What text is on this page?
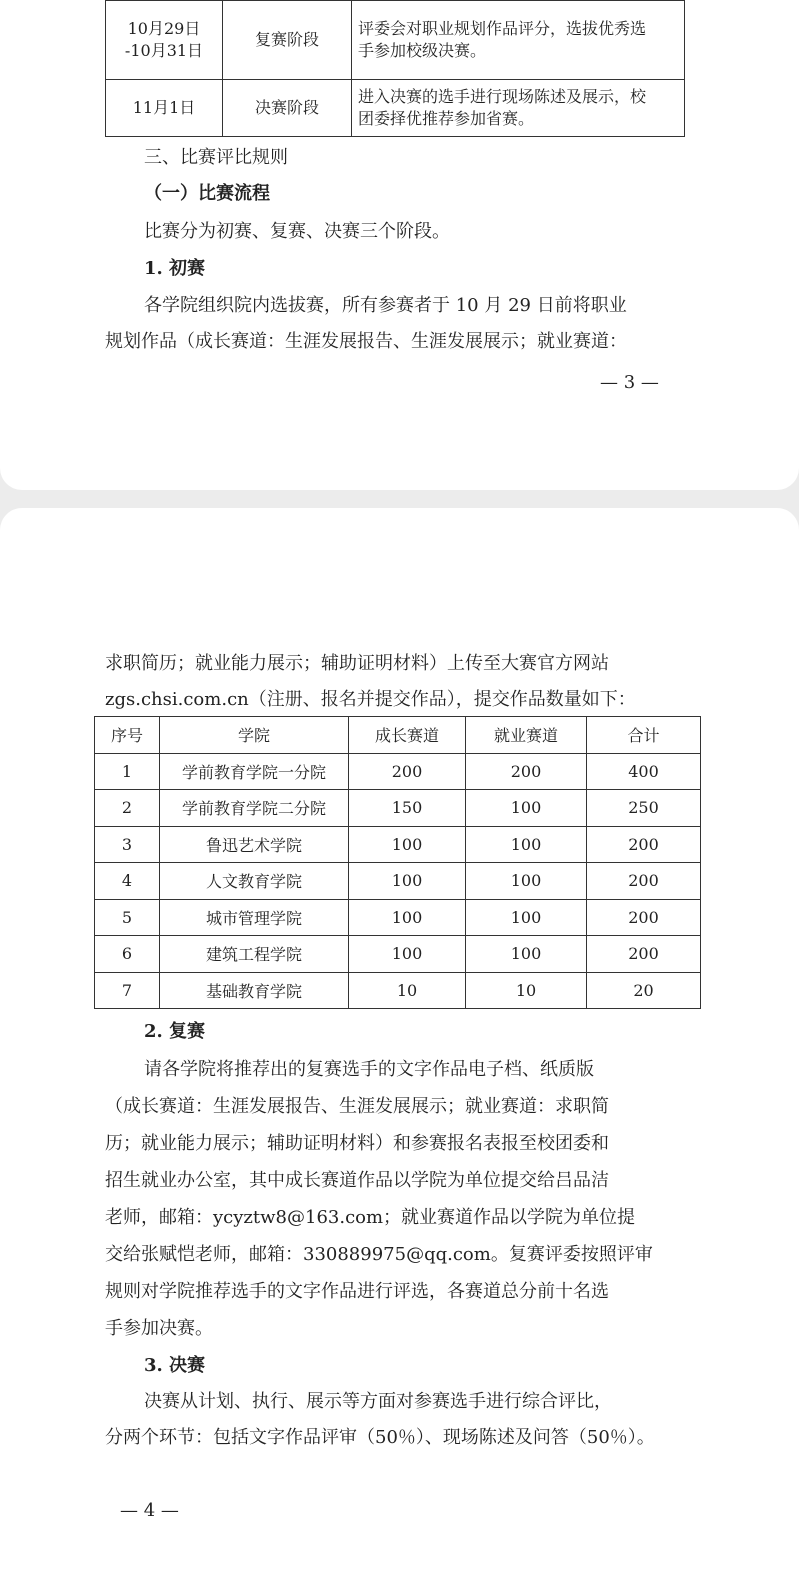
10月29日
-10月31日	复赛阶段	评委会对职业规划作品评分，选拔优秀选
手参加校级决赛。
11月1日	决赛阶段	进入决赛的选手进行现场陈述及展示，校
团委择优推荐参加省赛。
三、比赛评比规则
（一）比赛流程
比赛分为初赛、复赛、决赛三个阶段。
1. 初赛
各学院组织院内选拔赛，所有参赛者于 10 月 29 日前将职业
规划作品（成长赛道：生涯发展报告、生涯发展展示；就业赛道：
— 3 —
求职简历；就业能力展示；辅助证明材料）上传至大赛官方网站
zgs.chsi.com.cn（注册、报名并提交作品），提交作品数量如下：
序号	学院	成长赛道	就业赛道	合计
1	学前教育学院一分院	200	200	400
2	学前教育学院二分院	150	100	250
3	鲁迅艺术学院	100	100	200
4	人文教育学院	100	100	200
5	城市管理学院	100	100	200
6	建筑工程学院	100	100	200
7	基础教育学院	10	10	20
2. 复赛
请各学院将推荐出的复赛选手的文字作品电子档、纸质版
（成长赛道：生涯发展报告、生涯发展展示；就业赛道：求职简
历；就业能力展示；辅助证明材料）和参赛报名表报至校团委和
招生就业办公室，其中成长赛道作品以学院为单位提交给吕品洁
老师，邮箱：ycyztw8@163.com；就业赛道作品以学院为单位提
交给张赋恺老师，邮箱：330889975@qq.com。复赛评委按照评审
规则对学院推荐选手的文字作品进行评选，各赛道总分前十名选
手参加决赛。
3. 决赛
决赛从计划、执行、展示等方面对参赛选手进行综合评比，
分两个环节：包括文字作品评审（50％）、现场陈述及问答（50％）。
— 4 —
